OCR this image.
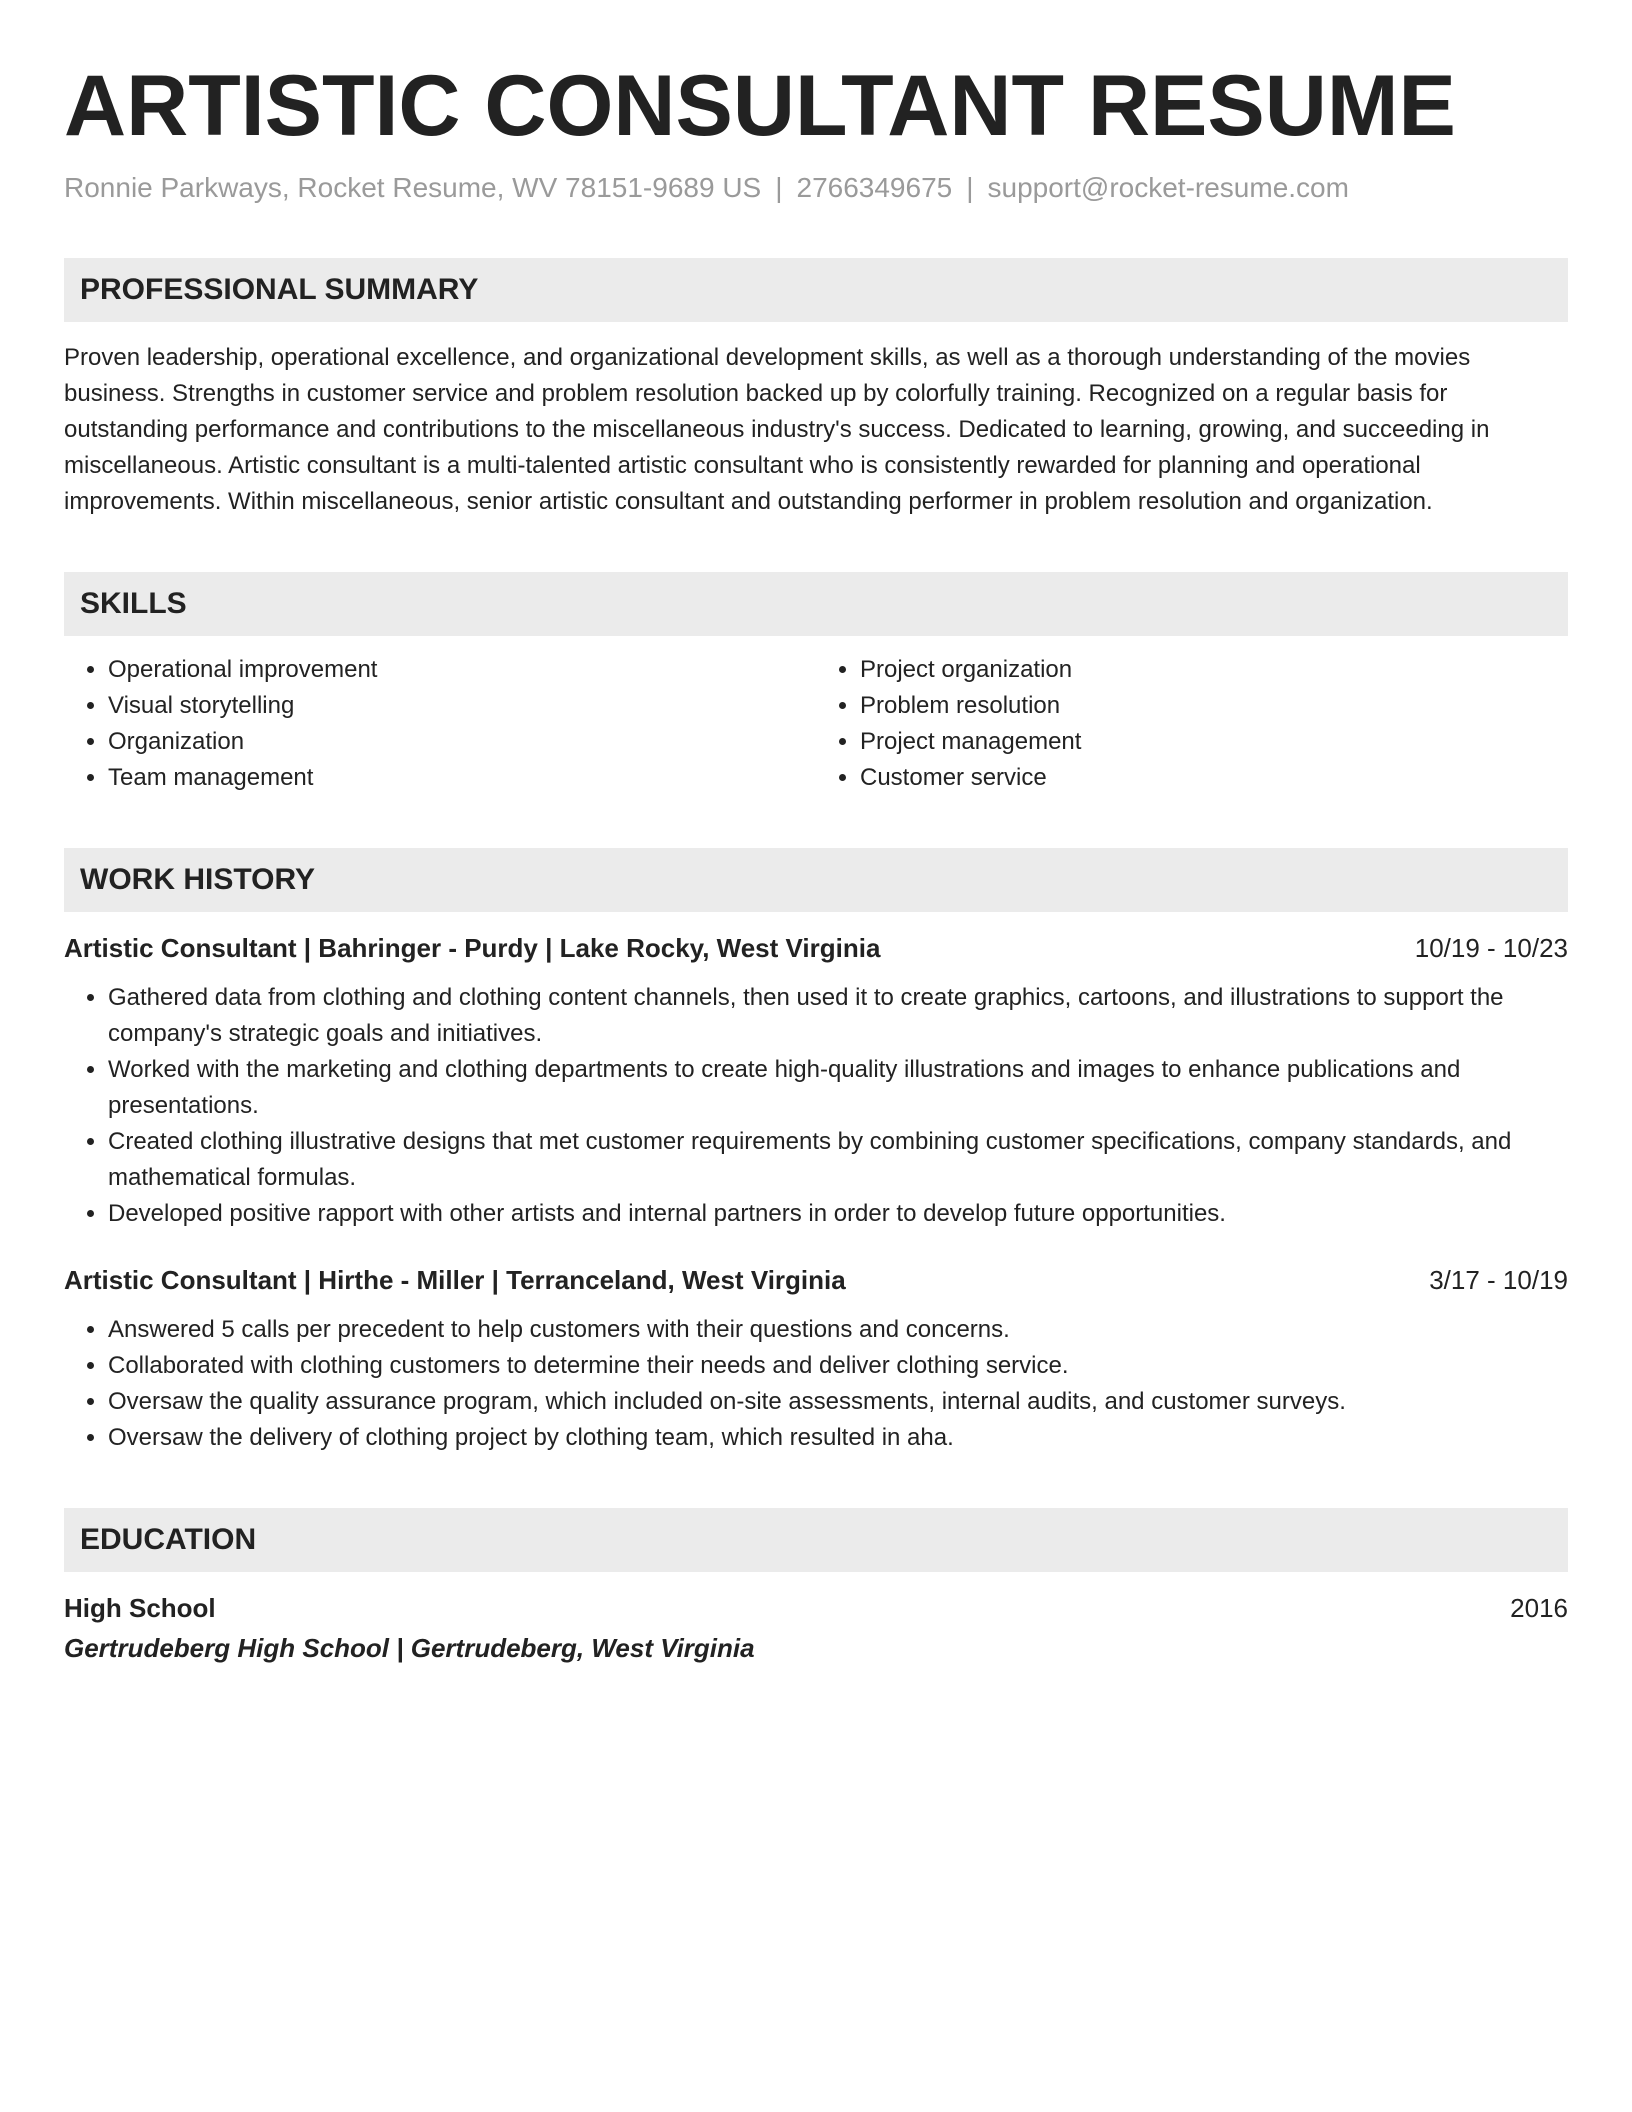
ARTISTIC CONSULTANT RESUME
Ronnie Parkways, Rocket Resume, WV 78151-9689 US | 2766349675 | support@rocket-resume.com
PROFESSIONAL SUMMARY
Proven leadership, operational excellence, and organizational development skills, as well as a thorough understanding of the movies business. Strengths in customer service and problem resolution backed up by colorfully training. Recognized on a regular basis for outstanding performance and contributions to the miscellaneous industry's success. Dedicated to learning, growing, and succeeding in miscellaneous. Artistic consultant is a multi-talented artistic consultant who is consistently rewarded for planning and operational improvements. Within miscellaneous, senior artistic consultant and outstanding performer in problem resolution and organization.
SKILLS
• Operational improvement
• Visual storytelling
• Organization
• Team management
• Project organization
• Problem resolution
• Project management
• Customer service
WORK HISTORY
Artistic Consultant | Bahringer - Purdy | Lake Rocky, West Virginia	10/19 - 10/23
• Gathered data from clothing and clothing content channels, then used it to create graphics, cartoons, and illustrations to support the company's strategic goals and initiatives.
• Worked with the marketing and clothing departments to create high-quality illustrations and images to enhance publications and presentations.
• Created clothing illustrative designs that met customer requirements by combining customer specifications, company standards, and mathematical formulas.
• Developed positive rapport with other artists and internal partners in order to develop future opportunities.
Artistic Consultant | Hirthe - Miller | Terranceland, West Virginia	3/17 - 10/19
• Answered 5 calls per precedent to help customers with their questions and concerns.
• Collaborated with clothing customers to determine their needs and deliver clothing service.
• Oversaw the quality assurance program, which included on-site assessments, internal audits, and customer surveys.
• Oversaw the delivery of clothing project by clothing team, which resulted in aha.
EDUCATION
High School	2016
Gertrudeberg High School | Gertrudeberg, West Virginia
